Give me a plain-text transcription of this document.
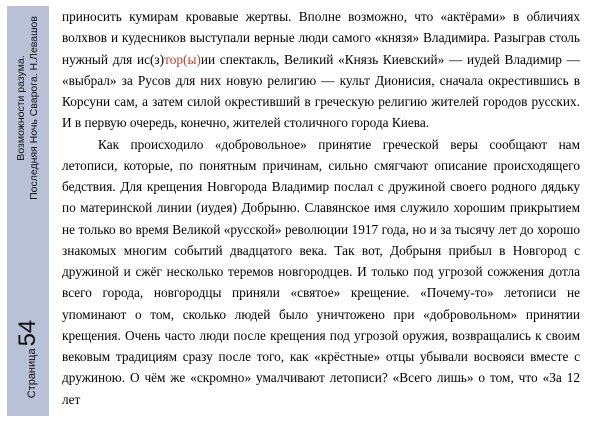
Возможности разума. Последняя Ночь Сварога. Н.Левашов
Страница
54

приносить кумирам кровавые жертвы. Вполне возможно, что «актёрами» в обличиях волхвов и кудесников выступали верные люди самого «князя» Владимира. Разыграв столь нужный для ис(з)тор(ы)ии спектакль, Великий «Князь Киевский» — иудей Владимир — «выбрал» за Русов для них новую религию — культ Дионисия, сначала окрестившись в Корсуни сам, а затем силой окрестивший в греческую религию жителей городов русских. И в первую очередь, конечно, жителей столичного города Киева.

Как происходило «добровольное» принятие греческой веры сообщают нам летописи, которые, по понятным причинам, сильно смягчают описание происходящего бедствия. Для крещения Новгорода Владимир послал с дружиной своего родного дядьку по материнской линии (иудея) Добрыню. Славянское имя служило хорошим прикрытием не только во время Великой «русской» революции 1917 года, но и за тысячу лет до хорошо знакомых многим событий двадцатого века. Так вот, Добрыня прибыл в Новгород с дружиной и сжёг несколько теремов новгородцев. И только под угрозой сожжения дотла всего города, новгородцы приняли «святое» крещение. «Почему-то» летописи не упоминают о том, сколько людей было уничтожено при «добровольном» принятии крещения. Очень часто люди после крещения под угрозой оружия, возвращались к своим вековым традициям сразу после того, как «крёстные» отцы убывали восвояси вместе с дружиною. О чём же «скромно» умалчивают летописи? «Всего лишь» о том, что «За 12 лет
